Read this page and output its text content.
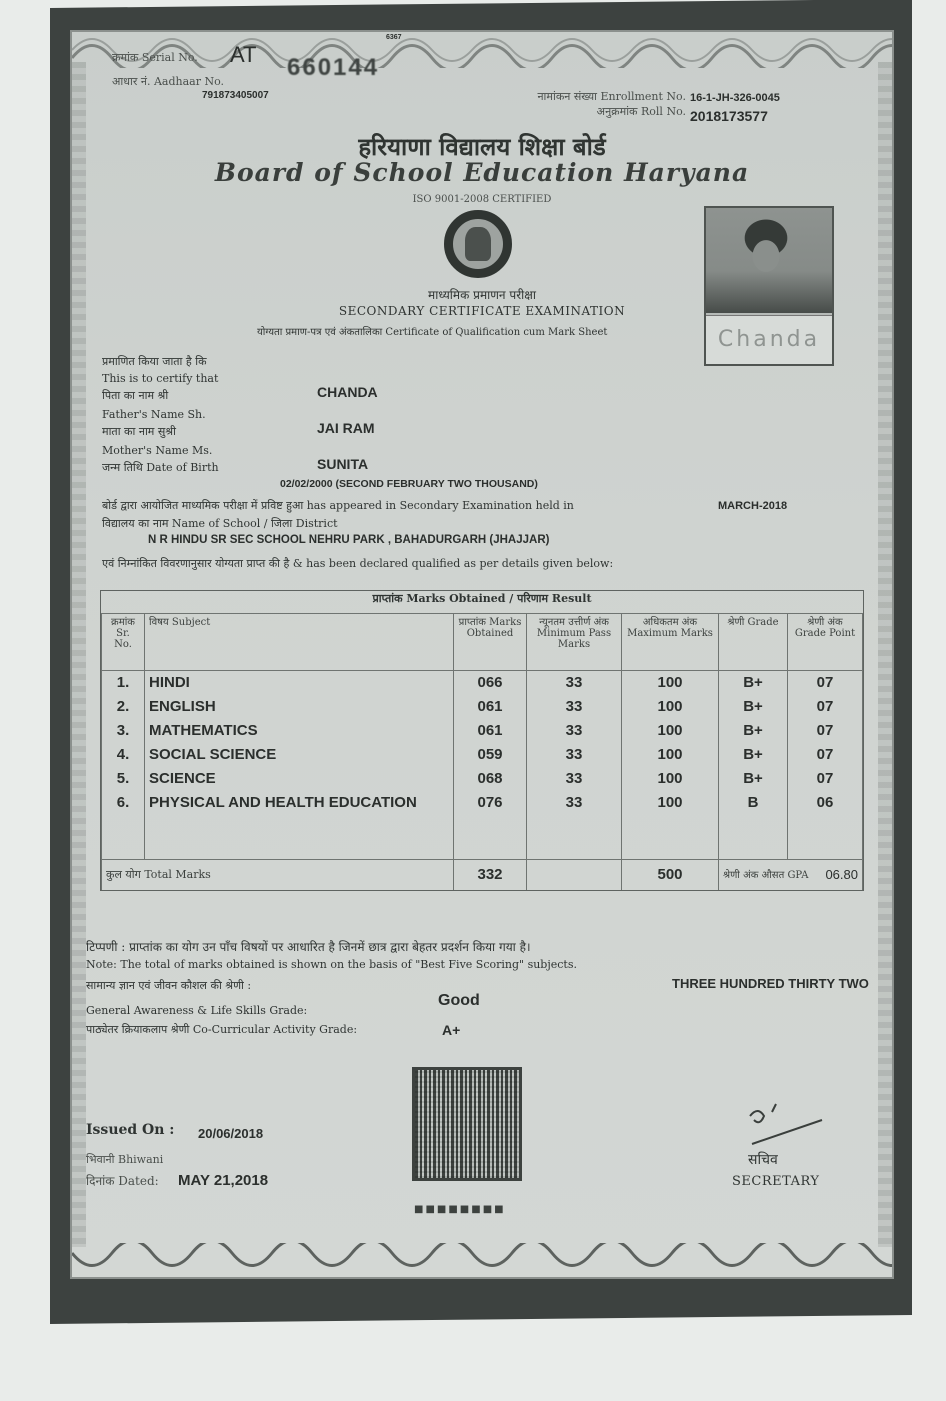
6367
क्रमांक Serial No. AT 660144
आधार नं. Aadhaar No.
791873405007	नामांकन संख्या Enrollment No.
अनुक्रमांक Roll No.
16-1-JH-326-0045
2018173577
हरियाणा विद्यालय शिक्षा बोर्ड
Board of School Education Haryana
ISO 9001-2008 CERTIFIED
माध्यमिक प्रमाणन परीक्षा
SECONDARY CERTIFICATE EXAMINATION
योग्यता प्रमाण-पत्र एवं अंकतालिका Certificate of Qualification cum Mark Sheet	Chanda
प्रमाणित किया जाता है कि
This is to certify that
CHANDA
पिता का नाम श्री
Father's Name Sh.
JAI RAM
माता का नाम सुश्री
Mother's Name Ms.
SUNITA
जन्म तिथि Date of Birth
02/02/2000 (SECOND FEBRUARY TWO THOUSAND)
बोर्ड द्वारा आयोजित माध्यमिक परीक्षा में प्रविष्ट हुआ has appeared in Secondary Examination held in	MARCH-2018
विद्यालय का नाम Name of School / जिला District
N R HINDU SR SEC SCHOOL NEHRU PARK , BAHADURGARH (JHAJJAR)
एवं निम्नांकित विवरणानुसार योग्यता प्राप्त की है & has been declared qualified as per details given below:
प्राप्तांक Marks Obtained / परिणाम Result
क्रमांक Sr. No.	विषय Subject	प्राप्तांक Marks Obtained	न्यूनतम उत्तीर्ण अंक Minimum Pass Marks	अधिकतम अंक Maximum Marks	श्रेणी Grade	श्रेणी अंक Grade Point
1.	HINDI	066	33	100	B+	07
2.	ENGLISH	061	33	100	B+	07
3.	MATHEMATICS	061	33	100	B+	07
4.	SOCIAL SCIENCE	059	33	100	B+	07
5.	SCIENCE	068	33	100	B+	07
6.	PHYSICAL AND HEALTH EDUCATION	076	33	100	B	06

कुल योग Total Marks		332		500	श्रेणी अंक औसत GPA 06.80	
टिप्पणी : प्राप्तांक का योग उन पाँच विषयों पर आधारित है जिनमें छात्र द्वारा बेहतर प्रदर्शन किया गया है।
Note: The total of marks obtained is shown on the basis of "Best Five Scoring" subjects.
THREE HUNDRED THIRTY TWO
सामान्य ज्ञान एवं जीवन कौशल की श्रेणी :
Good
General Awareness & Life Skills Grade:
पाठ्येतर क्रियाकलाप श्रेणी Co-Curricular Activity Grade:	A+
■■■■■■■■
Issued On : 20/06/2018
भिवानी Bhiwani
दिनांक Dated: MAY 21,2018
सचिव
SECRETARY
